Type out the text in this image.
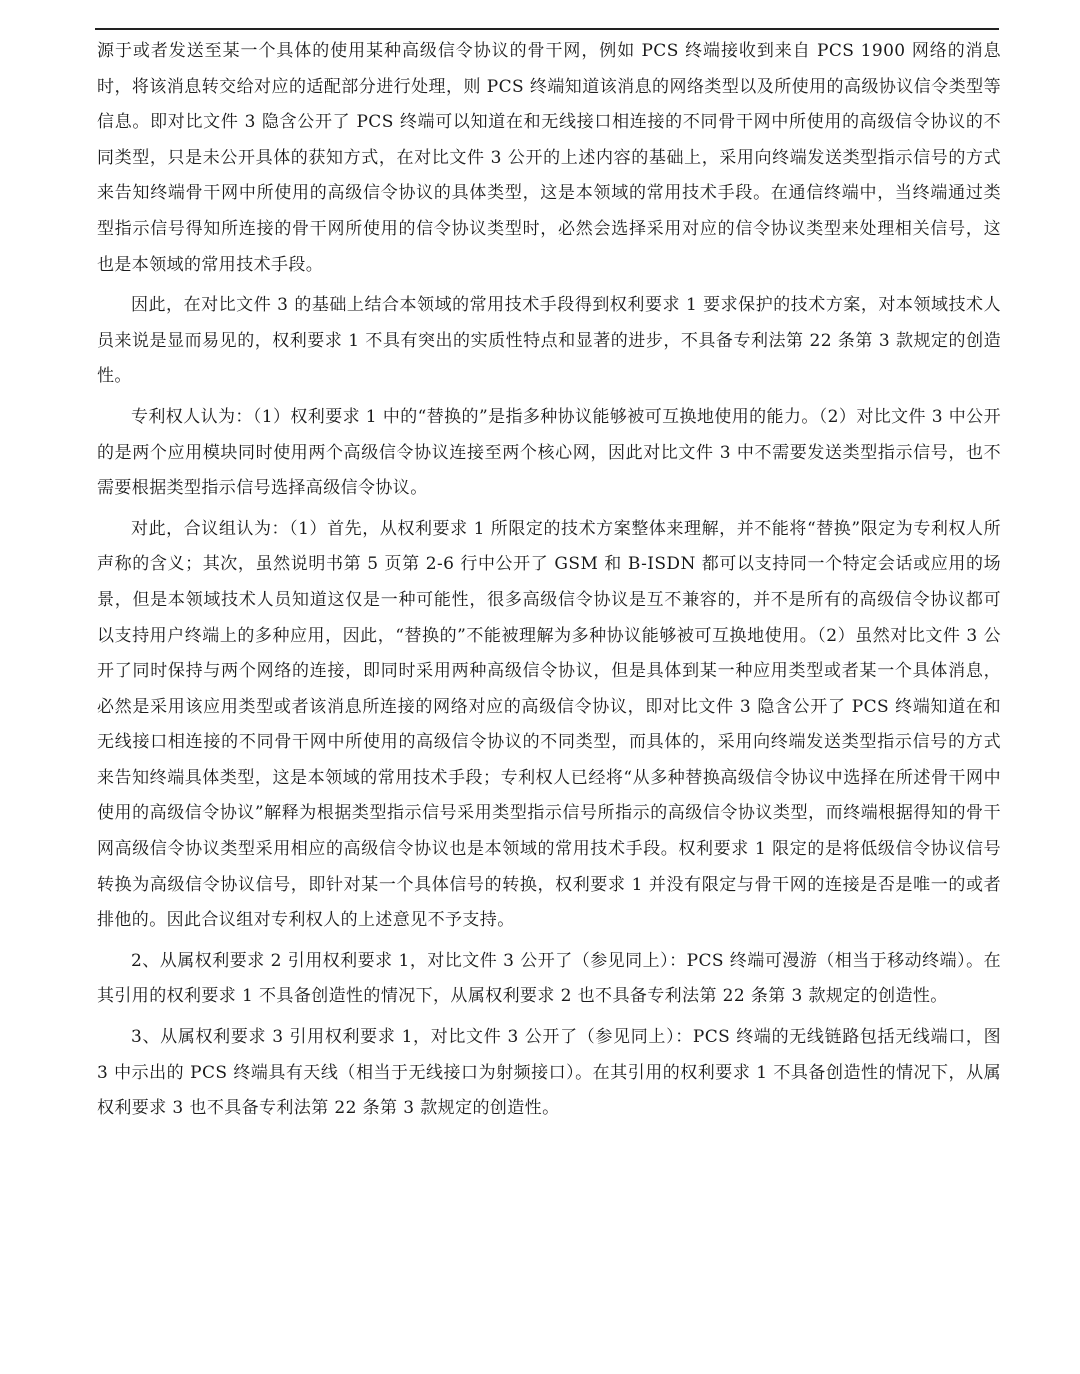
源于或者发送至某一个具体的使用某种高级信令协议的骨干网，例如 PCS 终端接收到来自 PCS 1900 网络的消息时，将该消息转交给对应的适配部分进行处理，则 PCS 终端知道该消息的网络类型以及所使用的高级协议信令类型等信息。即对比文件 3 隐含公开了 PCS 终端可以知道在和无线接口相连接的不同骨干网中所使用的高级信令协议的不同类型，只是未公开具体的获知方式，在对比文件 3 公开的上述内容的基础上，采用向终端发送类型指示信号的方式来告知终端骨干网中所使用的高级信令协议的具体类型，这是本领域的常用技术手段。在通信终端中，当终端通过类型指示信号得知所连接的骨干网所使用的信令协议类型时，必然会选择采用对应的信令协议类型来处理相关信号，这也是本领域的常用技术手段。

因此，在对比文件 3 的基础上结合本领域的常用技术手段得到权利要求 1 要求保护的技术方案，对本领域技术人员来说是显而易见的，权利要求 1 不具有突出的实质性特点和显著的进步，不具备专利法第 22 条第 3 款规定的创造性。

专利权人认为：（1）权利要求 1 中的“替换的”是指多种协议能够被可互换地使用的能力。（2）对比文件 3 中公开的是两个应用模块同时使用两个高级信令协议连接至两个核心网，因此对比文件 3 中不需要发送类型指示信号，也不需要根据类型指示信号选择高级信令协议。

对此，合议组认为：（1）首先，从权利要求 1 所限定的技术方案整体来理解，并不能将“替换”限定为专利权人所声称的含义；其次，虽然说明书第 5 页第 2-6 行中公开了 GSM 和 B-ISDN 都可以支持同一个特定会话或应用的场景，但是本领域技术人员知道这仅是一种可能性，很多高级信令协议是互不兼容的，并不是所有的高级信令协议都可以支持用户终端上的多种应用，因此，“替换的”不能被理解为多种协议能够被可互换地使用。（2）虽然对比文件 3 公开了同时保持与两个网络的连接，即同时采用两种高级信令协议，但是具体到某一种应用类型或者某一个具体消息，必然是采用该应用类型或者该消息所连接的网络对应的高级信令协议，即对比文件 3 隐含公开了 PCS 终端知道在和无线接口相连接的不同骨干网中所使用的高级信令协议的不同类型，而具体的，采用向终端发送类型指示信号的方式来告知终端具体类型，这是本领域的常用技术手段；专利权人已经将“从多种替换高级信令协议中选择在所述骨干网中使用的高级信令协议”解释为根据类型指示信号采用类型指示信号所指示的高级信令协议类型，而终端根据得知的骨干网高级信令协议类型采用相应的高级信令协议也是本领域的常用技术手段。权利要求 1 限定的是将低级信令协议信号转换为高级信令协议信号，即针对某一个具体信号的转换，权利要求 1 并没有限定与骨干网的连接是否是唯一的或者排他的。因此合议组对专利权人的上述意见不予支持。

2、从属权利要求 2 引用权利要求 1，对比文件 3 公开了（参见同上）：PCS 终端可漫游（相当于移动终端）。在其引用的权利要求 1 不具备创造性的情况下，从属权利要求 2 也不具备专利法第 22 条第 3 款规定的创造性。

3、从属权利要求 3 引用权利要求 1，对比文件 3 公开了（参见同上）：PCS 终端的无线链路包括无线端口，图 3 中示出的 PCS 终端具有天线（相当于无线接口为射频接口）。在其引用的权利要求 1 不具备创造性的情况下，从属权利要求 3 也不具备专利法第 22 条第 3 款规定的创造性。
